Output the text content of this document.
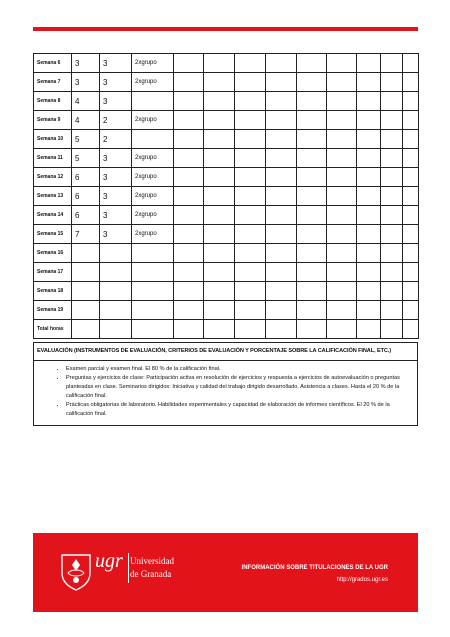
Semana 6	3	3	2xgrupo									
Semana 7	3	3	2xgrupo									
Semana 8	4	3										
Semana 9	4	2	2xgrupo									
Semana 10	5	2										
Semana 11	5	3	2xgrupo									
Semana 12	6	3	2xgrupo									
Semana 13	6	3	2xgrupo									
Semana 14	6	3	2xgrupo									
Semana 15	7	3	2xgrupo									
Semana 16												
Semana 17												
Semana 18												
Semana 19												
Total horas												
EVALUACIÓN (INSTRUMENTOS DE EVALUACIÓN, CRITERIOS DE EVALUACIÓN Y PORCENTAJE SOBRE LA CALIFICACIÓN FINAL, ETC.)
• Examen parcial y examen final. El 80 % de la calificación final.
• Preguntas y ejercicios de clase: Participación activa en resolución de ejercicios y respuesta a ejercicios de autoevaluación o preguntas planteadas en clase. Seminarios dirigidos: Iniciativa y calidad del trabajo dirigido desarrollado. Asistencia a clases. Hasta el 20 % de la calificación final.
• Prácticas obligatorias de laboratorio. Habilidades experimentales y capacidad de elaboración de informes científicos. El 20 % de la calificación final.
ugr Universidad
de Granada
INFORMACIÓN SOBRE TITULACIONES DE LA UGR
http://grados.ugr.es
